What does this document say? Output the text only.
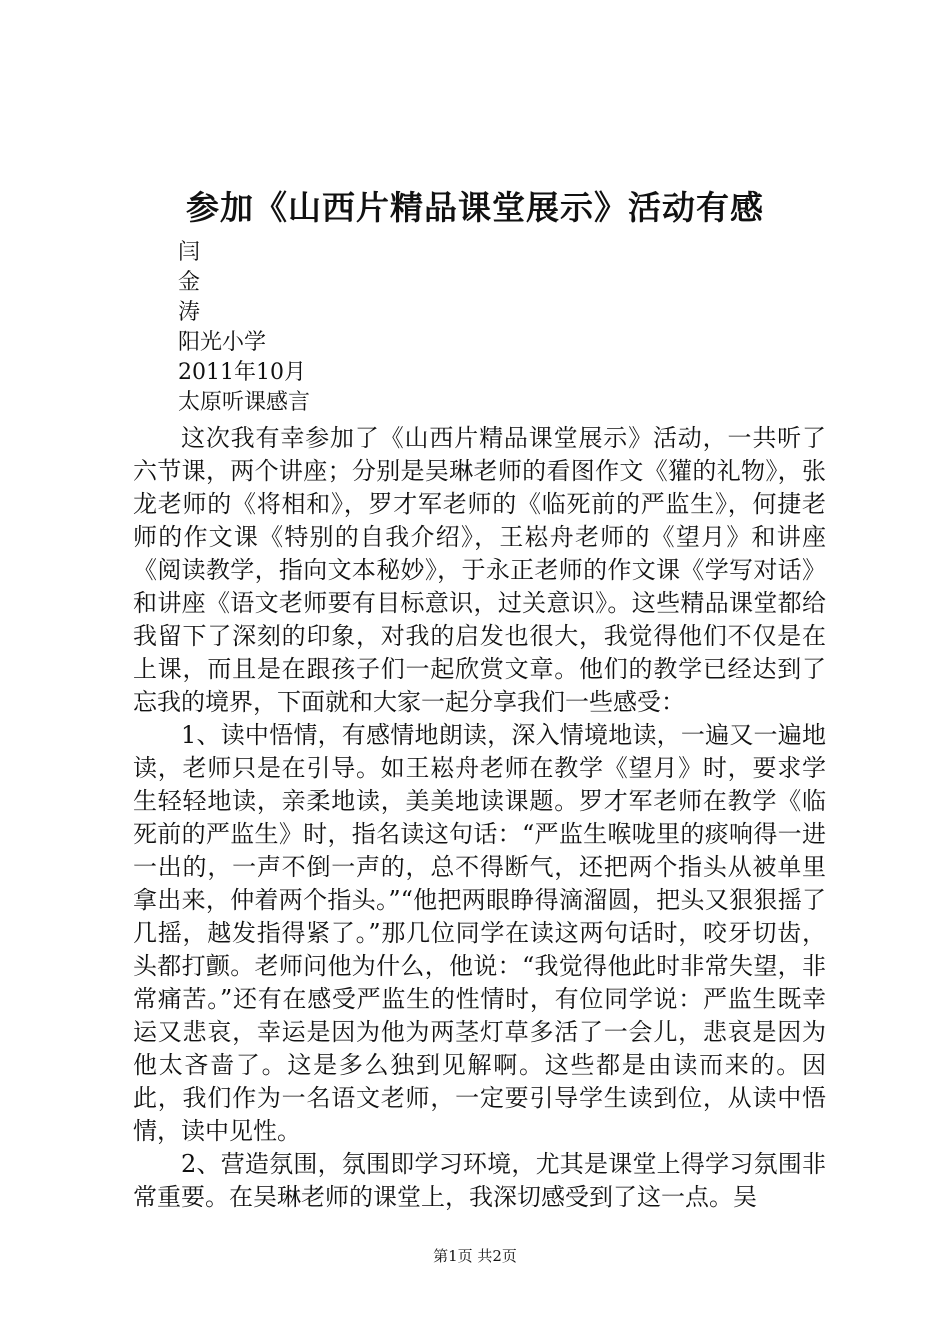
参加《山西片精品课堂展示》活动有感
闫
金
涛
阳光小学
2011年10月
太原听课感言

这次我有幸参加了《山西片精品课堂展示》活动，一共听了六节课，两个讲座；分别是吴琳老师的看图作文《獾的礼物》，张龙老师的《将相和》，罗才军老师的《临死前的严监生》，何捷老师的作文课《特别的自我介绍》，王崧舟老师的《望月》和讲座《阅读教学，指向文本秘妙》，于永正老师的作文课《学写对话》和讲座《语文老师要有目标意识，过关意识》。这些精品课堂都给我留下了深刻的印象，对我的启发也很大，我觉得他们不仅是在上课，而且是在跟孩子们一起欣赏文章。他们的教学已经达到了忘我的境界，下面就和大家一起分享我们一些感受：

1、读中悟情，有感情地朗读，深入情境地读，一遍又一遍地读，老师只是在引导。如王崧舟老师在教学《望月》时，要求学生轻轻地读，亲柔地读，美美地读课题。罗才军老师在教学《临死前的严监生》时，指名读这句话：“严监生喉咙里的痰响得一进一出的，一声不倒一声的，总不得断气，还把两个指头从被单里拿出来，仲着两个指头。”“他把两眼睁得滴溜圆，把头又狠狠摇了几摇，越发指得紧了。”那几位同学在读这两句话时，咬牙切齿，头都打颤。老师问他为什么，他说：“我觉得他此时非常失望，非常痛苦。”还有在感受严监生的性情时，有位同学说：严监生既幸运又悲哀，幸运是因为他为两茎灯草多活了一会儿，悲哀是因为他太吝啬了。这是多么独到见解啊。这些都是由读而来的。因此，我们作为一名语文老师，一定要引导学生读到位，从读中悟情，读中见性。

2、营造氛围，氛围即学习环境，尤其是课堂上得学习氛围非常重要。在吴琳老师的课堂上，我深切感受到了这一点。吴

第1页 共2页
